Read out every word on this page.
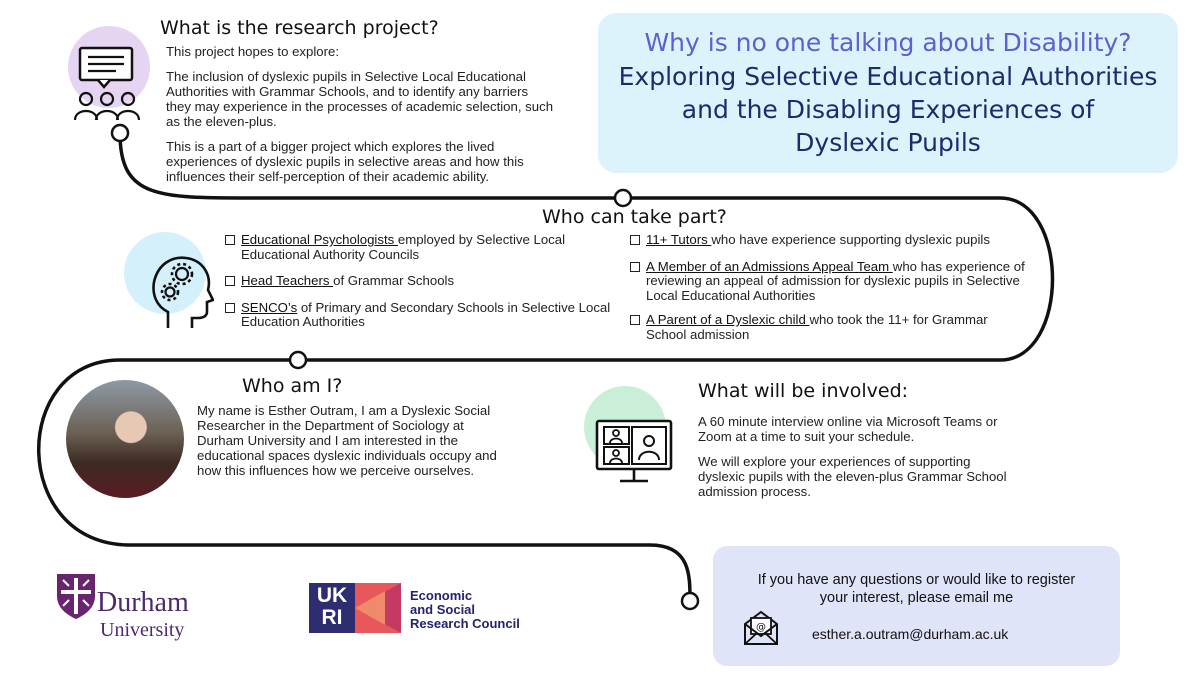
What is the research project?

This project hopes to explore:

The inclusion of dyslexic pupils in Selective Local Educational Authorities with Grammar Schools, and to identify any barriers they may experience in the processes of academic selection, such as the eleven-plus.

This is a part of a bigger project which explores the lived experiences of dyslexic pupils in selective areas and how this influences their self-perception of their academic ability.

Why is no one talking about Disability?
Exploring Selective Educational Authorities
and the Disabling Experiences of
Dyslexic Pupils
Who can take part?
Educational Psychologists employed by Selective Local Educational Authority Councils
Head Teachers of Grammar Schools
SENCO’s of Primary and Secondary Schools in Selective Local Education Authorities
11+ Tutors who have experience supporting dyslexic pupils
A Member of an Admissions Appeal Team who has experience of reviewing an appeal of admission for dyslexic pupils in Selective Local Educational Authorities
A Parent of a Dyslexic child who took the 11+ for Grammar School admission
Who am I?
My name is Esther Outram, I am a Dyslexic Social Researcher in the Department of Sociology at Durham University and I am interested in the educational spaces dyslexic individuals occupy and how this influences how we perceive ourselves.
What will be involved:

A 60 minute interview online via Microsoft Teams or Zoom at a time to suit your schedule.

We will explore your experiences of supporting dyslexic pupils with the eleven-plus Grammar School admission process.

If you have any questions or would like to register your interest, please email me
@	esther.a.outram@durham.ac.uk
Durham
University
UK
RI
Economic
and Social
Research Council
